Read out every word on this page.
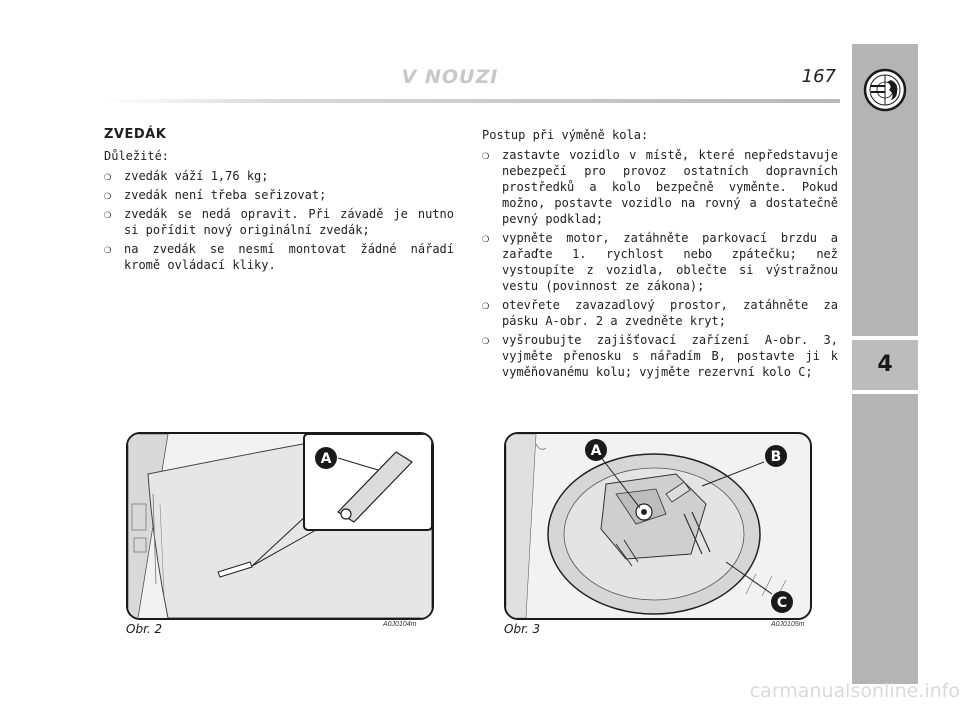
V NOUZI	167
4
ZVEDÁK
Důležité:
❍ zvedák váží 1,76 kg;
❍ zvedák není třeba seřizovat;
❍ zvedák se nedá opravit. Při závadě je nutno si pořídit nový originální zvedák;
❍ na zvedák se nesmí montovat žádné nářadí kromě ovládací kliky.
Postup při výměně kola:
❍ zastavte vozidlo v místě, které nepředstavuje nebezpečí pro provoz ostatních dopravních prostředků a kolo bezpečně vyměnte. Pokud možno, postavte vozidlo na rovný a dostatečně pevný podklad;
❍ vypněte motor, zatáhněte parkovací brzdu a zařaďte 1. rychlost nebo zpátečku; než vystoupíte z vozidla, oblečte si výstražnou vestu (povinnost ze zákona);
❍ otevřete zavazadlový prostor, zatáhněte za pásku A-obr. 2 a zvedněte kryt;
❍ vyšroubujte zajišťovací zařízení A-obr. 3, vyjměte přenosku s nářadím B, postavte ji k vyměňovanému kolu; vyjměte rezervní kolo C;
A
Obr. 2	A0J0104m
A	B
C
Obr. 3	A0J0105m
carmanualsonline.info
